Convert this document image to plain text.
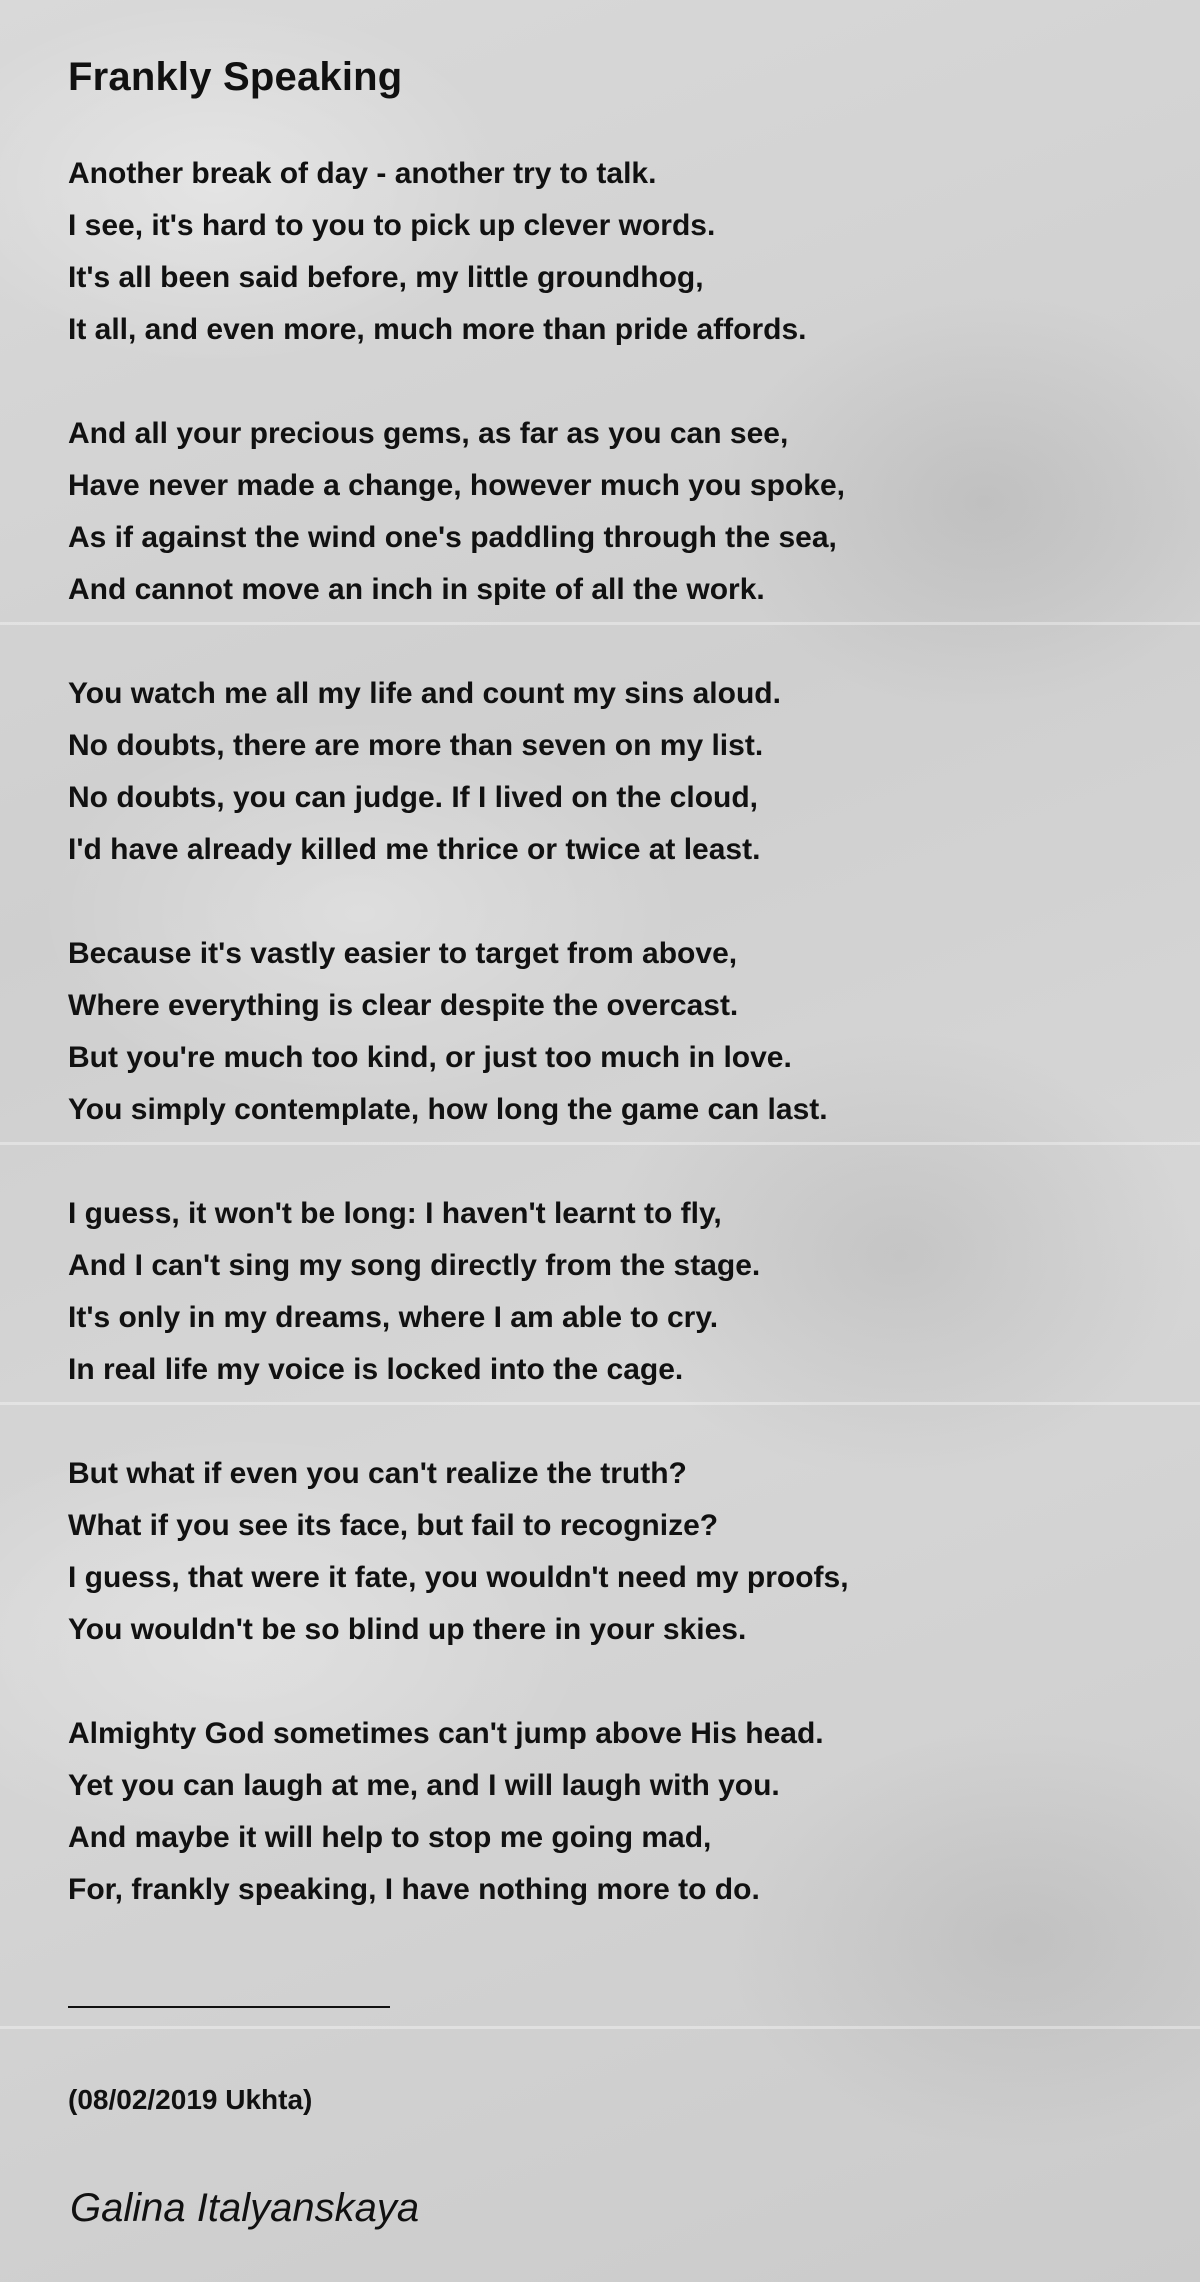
Frankly Speaking
Another break of day - another try to talk.
I see, it's hard to you to pick up clever words.
It's all been said before, my little groundhog,
It all, and even more, much more than pride affords.
And all your precious gems, as far as you can see,
Have never made a change, however much you spoke,
As if against the wind one's paddling through the sea,
And cannot move an inch in spite of all the work.
You watch me all my life and count my sins aloud.
No doubts, there are more than seven on my list.
No doubts, you can judge. If I lived on the cloud,
I'd have already killed me thrice or twice at least.
Because it's vastly easier to target from above,
Where everything is clear despite the overcast.
But you're much too kind, or just too much in love.
You simply contemplate, how long the game can last.
I guess, it won't be long: I haven't learnt to fly,
And I can't sing my song directly from the stage.
It's only in my dreams, where I am able to cry.
In real life my voice is locked into the cage.
But what if even you can't realize the truth?
What if you see its face, but fail to recognize?
I guess, that were it fate, you wouldn't need my proofs,
You wouldn't be so blind up there in your skies.
Almighty God sometimes can't jump above His head.
Yet you can laugh at me, and I will laugh with you.
And maybe it will help to stop me going mad,
For, frankly speaking, I have nothing more to do.
(08/02/2019 Ukhta)
Galina Italyanskaya
